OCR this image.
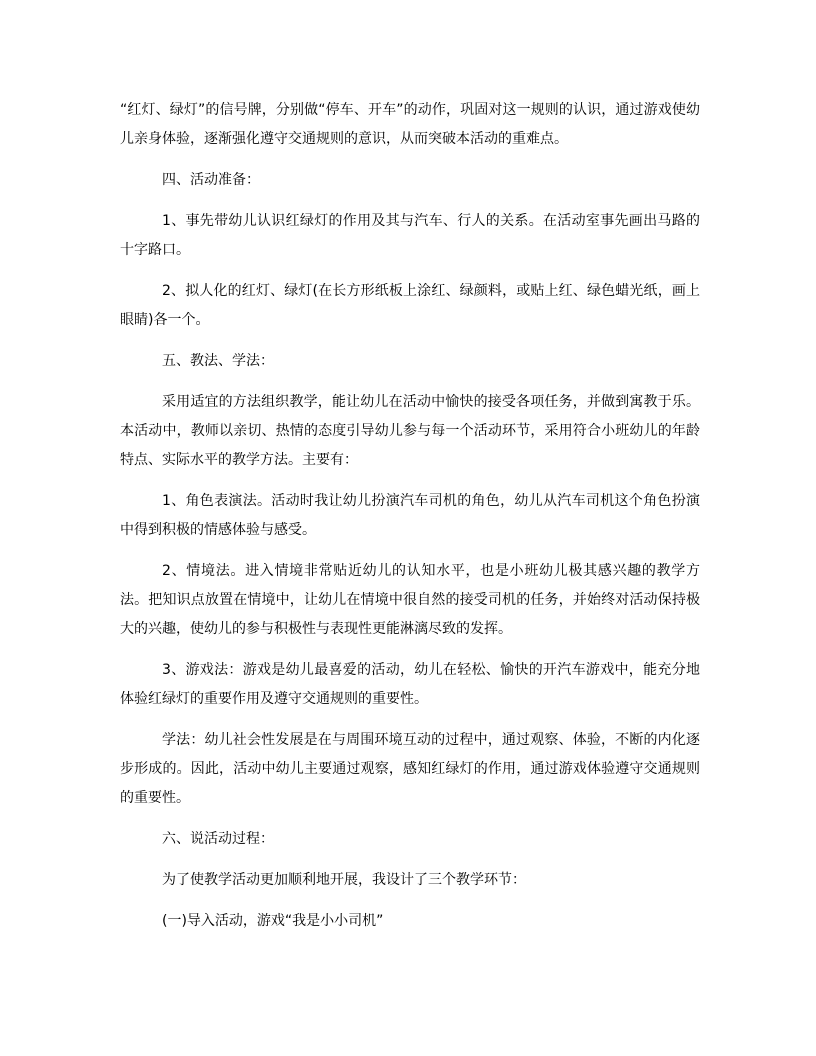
“红灯、绿灯”的信号牌，分别做“停车、开车”的动作，巩固对这一规则的认识，通过游戏使幼儿亲身体验，逐渐强化遵守交通规则的意识，从而突破本活动的重难点。

四、活动准备：

1、事先带幼儿认识红绿灯的作用及其与汽车、行人的关系。在活动室事先画出马路的十字路口。

2、拟人化的红灯、绿灯(在长方形纸板上涂红、绿颜料，或贴上红、绿色蜡光纸，画上眼睛)各一个。

五、教法、学法：

采用适宜的方法组织教学，能让幼儿在活动中愉快的接受各项任务，并做到寓教于乐。本活动中，教师以亲切、热情的态度引导幼儿参与每一个活动环节，采用符合小班幼儿的年龄特点、实际水平的教学方法。主要有：

1、角色表演法。活动时我让幼儿扮演汽车司机的角色，幼儿从汽车司机这个角色扮演中得到积极的情感体验与感受。

2、情境法。进入情境非常贴近幼儿的认知水平，也是小班幼儿极其感兴趣的教学方法。把知识点放置在情境中，让幼儿在情境中很自然的接受司机的任务，并始终对活动保持极大的兴趣，使幼儿的参与积极性与表现性更能淋漓尽致的发挥。

3、游戏法：游戏是幼儿最喜爱的活动，幼儿在轻松、愉快的开汽车游戏中，能充分地体验红绿灯的重要作用及遵守交通规则的重要性。

学法：幼儿社会性发展是在与周围环境互动的过程中，通过观察、体验，不断的内化逐步形成的。因此，活动中幼儿主要通过观察，感知红绿灯的作用，通过游戏体验遵守交通规则的重要性。

六、说活动过程：

为了使教学活动更加顺利地开展，我设计了三个教学环节：

(一)导入活动，游戏“我是小小司机”
